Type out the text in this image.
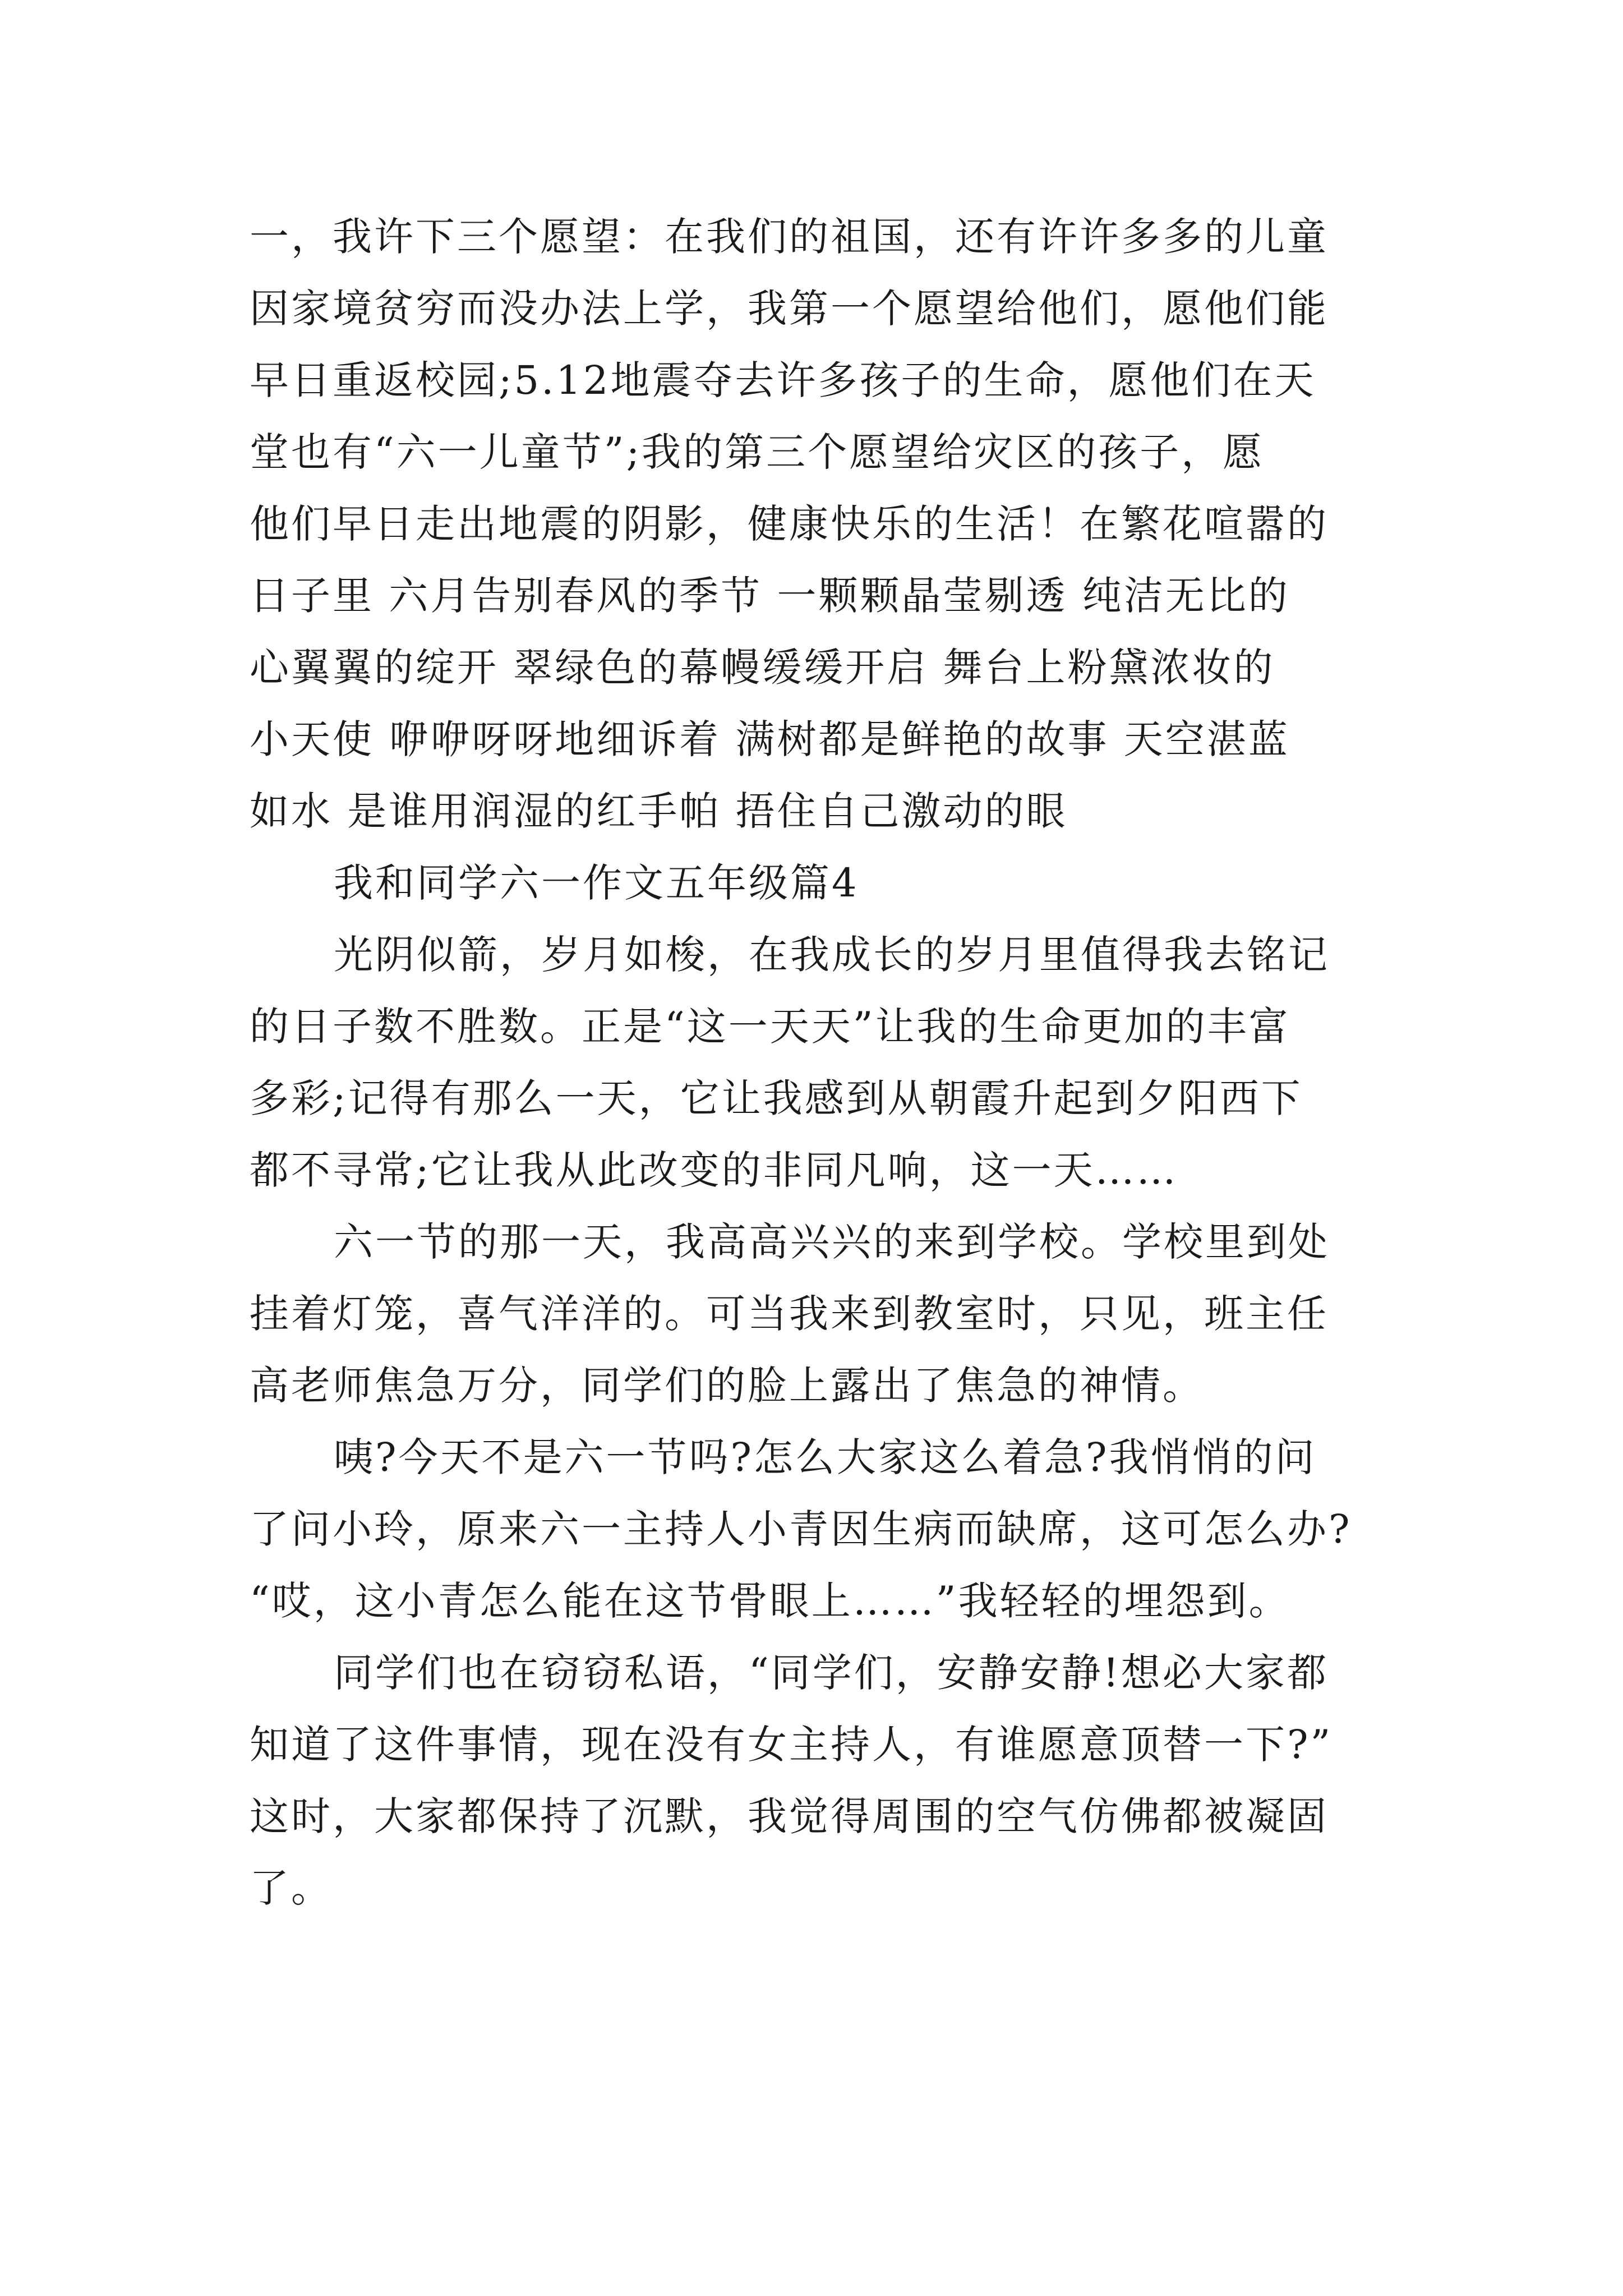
一，我许下三个愿望：在我们的祖国，还有许许多多的儿童
因家境贫穷而没办法上学，我第一个愿望给他们，愿他们能
早日重返校园;5.12地震夺去许多孩子的生命，愿他们在天
堂也有“六一儿童节”;我的第三个愿望给灾区的孩子，愿
他们早日走出地震的阴影，健康快乐的生活！在繁花喧嚣的
日子里 六月告别春风的季节 一颗颗晶莹剔透 纯洁无比的
心翼翼的绽开 翠绿色的幕幔缓缓开启 舞台上粉黛浓妆的
小天使 咿咿呀呀地细诉着 满树都是鲜艳的故事 天空湛蓝
如水 是谁用润湿的红手帕 捂住自己激动的眼
我和同学六一作文五年级篇4
光阴似箭，岁月如梭，在我成长的岁月里值得我去铭记
的日子数不胜数。正是“这一天天”让我的生命更加的丰富
多彩;记得有那么一天，它让我感到从朝霞升起到夕阳西下
都不寻常;它让我从此改变的非同凡响，这一天……
六一节的那一天，我高高兴兴的来到学校。学校里到处
挂着灯笼，喜气洋洋的。可当我来到教室时，只见，班主任
高老师焦急万分，同学们的脸上露出了焦急的神情。
咦?今天不是六一节吗?怎么大家这么着急?我悄悄的问
了问小玲，原来六一主持人小青因生病而缺席，这可怎么办?
“哎，这小青怎么能在这节骨眼上……”我轻轻的埋怨到。
同学们也在窃窃私语，“同学们，安静安静!想必大家都
知道了这件事情，现在没有女主持人，有谁愿意顶替一下?”
这时，大家都保持了沉默，我觉得周围的空气仿佛都被凝固
了。
